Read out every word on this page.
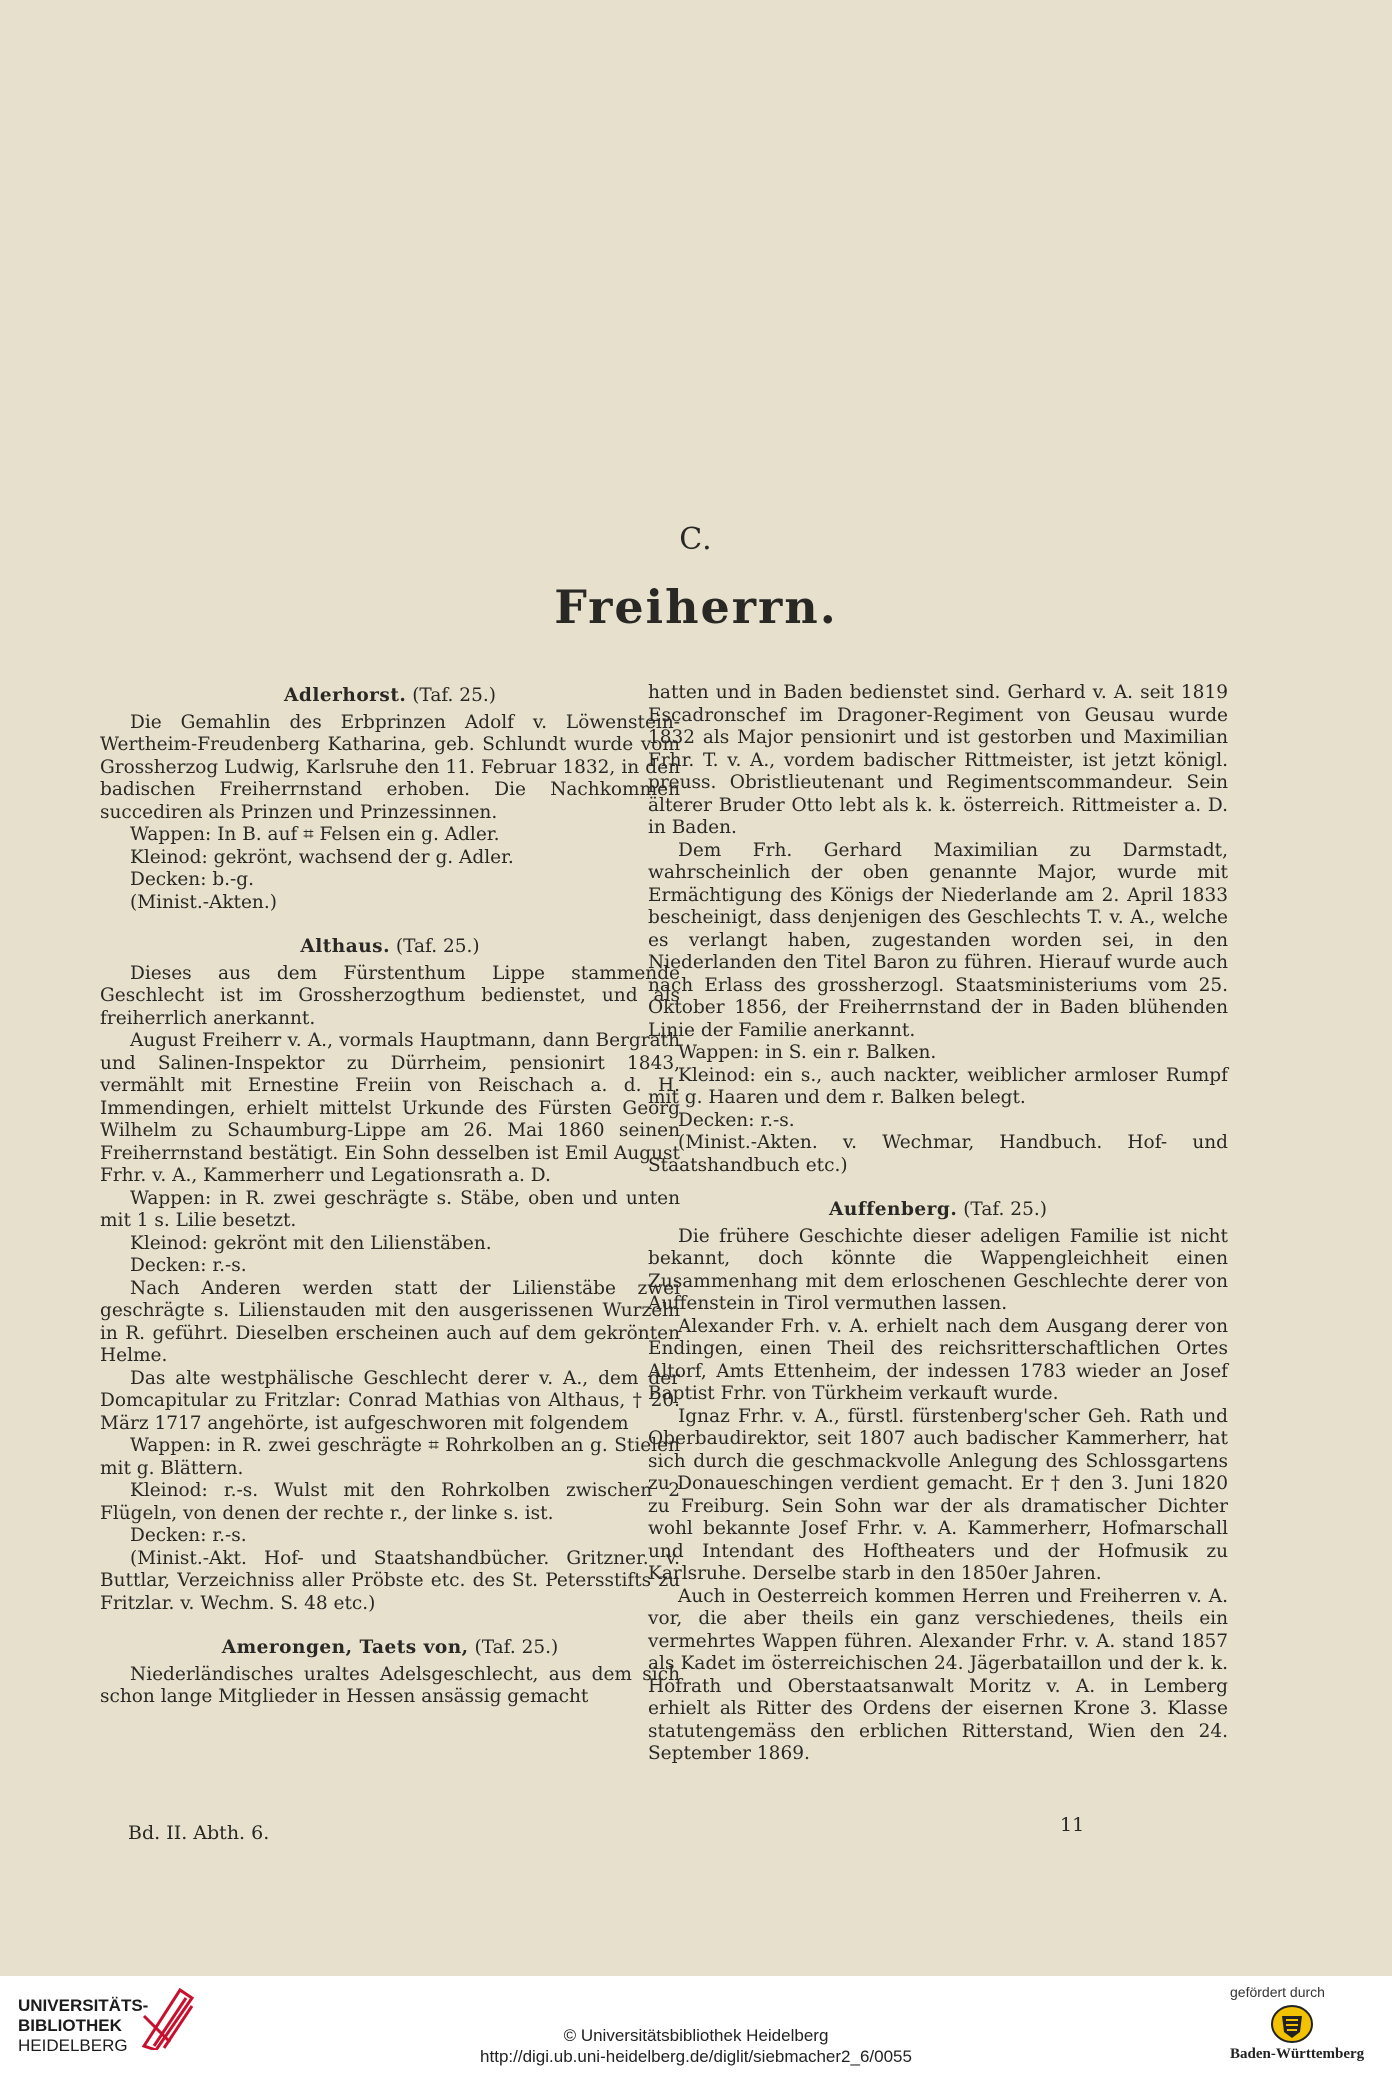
C.
Freiherrn.
Adlerhorst. (Taf. 25.)

Die Gemahlin des Erbprinzen Adolf v. Löwenstein-Wertheim-Freudenberg Katharina, geb. Schlundt wurde vom Grossherzog Ludwig, Karlsruhe den 11. Februar 1832, in den badischen Freiherrnstand erhoben. Die Nachkommen succediren als Prinzen und Prinzessinnen.

Wappen: In B. auf ⌗ Felsen ein g. Adler.

Kleinod: gekrönt, wachsend der g. Adler.

Decken: b.-g.

(Minist.-Akten.)

Althaus. (Taf. 25.)

Dieses aus dem Fürstenthum Lippe stammende Geschlecht ist im Grossherzogthum bedienstet, und als freiherrlich anerkannt.

August Freiherr v. A., vormals Hauptmann, dann Bergrath und Salinen-Inspektor zu Dürrheim, pensionirt 1843, vermählt mit Ernestine Freiin von Reischach a. d. H. Immendingen, erhielt mittelst Urkunde des Fürsten Georg Wilhelm zu Schaumburg-Lippe am 26. Mai 1860 seinen Freiherrnstand bestätigt. Ein Sohn desselben ist Emil August Frhr. v. A., Kammerherr und Legationsrath a. D.

Wappen: in R. zwei geschrägte s. Stäbe, oben und unten mit 1 s. Lilie besetzt.

Kleinod: gekrönt mit den Lilienstäben.

Decken: r.-s.

Nach Anderen werden statt der Lilienstäbe zwei geschrägte s. Lilienstauden mit den ausgerissenen Wurzeln in R. geführt. Dieselben erscheinen auch auf dem gekrönten Helme.

Das alte westphälische Geschlecht derer v. A., dem der Domcapitular zu Fritzlar: Conrad Mathias von Althaus, † 20. März 1717 angehörte, ist aufgeschworen mit folgendem

Wappen: in R. zwei geschrägte ⌗ Rohrkolben an g. Stielen mit g. Blättern.

Kleinod: r.-s. Wulst mit den Rohrkolben zwischen 2 Flügeln, von denen der rechte r., der linke s. ist.

Decken: r.-s.

(Minist.-Akt. Hof- und Staatshandbücher. Gritzner. v. Buttlar, Verzeichniss aller Pröbste etc. des St. Petersstifts zu Fritzlar. v. Wechm. S. 48 etc.)

Amerongen, Taets von, (Taf. 25.)

Niederländisches uraltes Adelsgeschlecht, aus dem sich schon lange Mitglieder in Hessen ansässig gemacht

hatten und in Baden bedienstet sind. Gerhard v. A. seit 1819 Escadronschef im Dragoner-Regiment von Geusau wurde 1832 als Major pensionirt und ist gestorben und Maximilian Frhr. T. v. A., vordem badischer Rittmeister, ist jetzt königl. preuss. Obristlieutenant und Regimentscommandeur. Sein älterer Bruder Otto lebt als k. k. österreich. Rittmeister a. D. in Baden.

Dem Frh. Gerhard Maximilian zu Darmstadt, wahrscheinlich der oben genannte Major, wurde mit Ermächtigung des Königs der Niederlande am 2. April 1833 bescheinigt, dass denjenigen des Geschlechts T. v. A., welche es verlangt haben, zugestanden worden sei, in den Niederlanden den Titel Baron zu führen. Hierauf wurde auch nach Erlass des grossherzogl. Staatsministeriums vom 25. Oktober 1856, der Freiherrnstand der in Baden blühenden Linie der Familie anerkannt.

Wappen: in S. ein r. Balken.

Kleinod: ein s., auch nackter, weiblicher armloser Rumpf mit g. Haaren und dem r. Balken belegt.

Decken: r.-s.

(Minist.-Akten. v. Wechmar, Handbuch. Hof- und Staatshandbuch etc.)

Auffenberg. (Taf. 25.)

Die frühere Geschichte dieser adeligen Familie ist nicht bekannt, doch könnte die Wappengleichheit einen Zusammenhang mit dem erloschenen Geschlechte derer von Auffenstein in Tirol vermuthen lassen.

Alexander Frh. v. A. erhielt nach dem Ausgang derer von Endingen, einen Theil des reichsritterschaftlichen Ortes Altorf, Amts Ettenheim, der indessen 1783 wieder an Josef Baptist Frhr. von Türkheim verkauft wurde.

Ignaz Frhr. v. A., fürstl. fürstenberg'scher Geh. Rath und Oberbaudirektor, seit 1807 auch badischer Kammerherr, hat sich durch die geschmackvolle Anlegung des Schlossgartens zu Donaueschingen verdient gemacht. Er † den 3. Juni 1820 zu Freiburg. Sein Sohn war der als dramatischer Dichter wohl bekannte Josef Frhr. v. A. Kammerherr, Hofmarschall und Intendant des Hoftheaters und der Hofmusik zu Karlsruhe. Derselbe starb in den 1850er Jahren.

Auch in Oesterreich kommen Herren und Freiherren v. A. vor, die aber theils ein ganz verschiedenes, theils ein vermehrtes Wappen führen. Alexander Frhr. v. A. stand 1857 als Kadet im österreichischen 24. Jägerbataillon und der k. k. Hofrath und Oberstaatsanwalt Moritz v. A. in Lemberg erhielt als Ritter des Ordens der eisernen Krone 3. Klasse statutengemäss den erblichen Ritterstand, Wien den 24. September 1869.

Bd. II. Abth. 6.	11
UNIVERSITÄTS-
BIBLIOTHEK
HEIDELBERG
© Universitätsbibliothek Heidelberg
http://digi.ub.uni-heidelberg.de/diglit/siebmacher2_6/0055
gefördert durch
Baden-Württemberg
